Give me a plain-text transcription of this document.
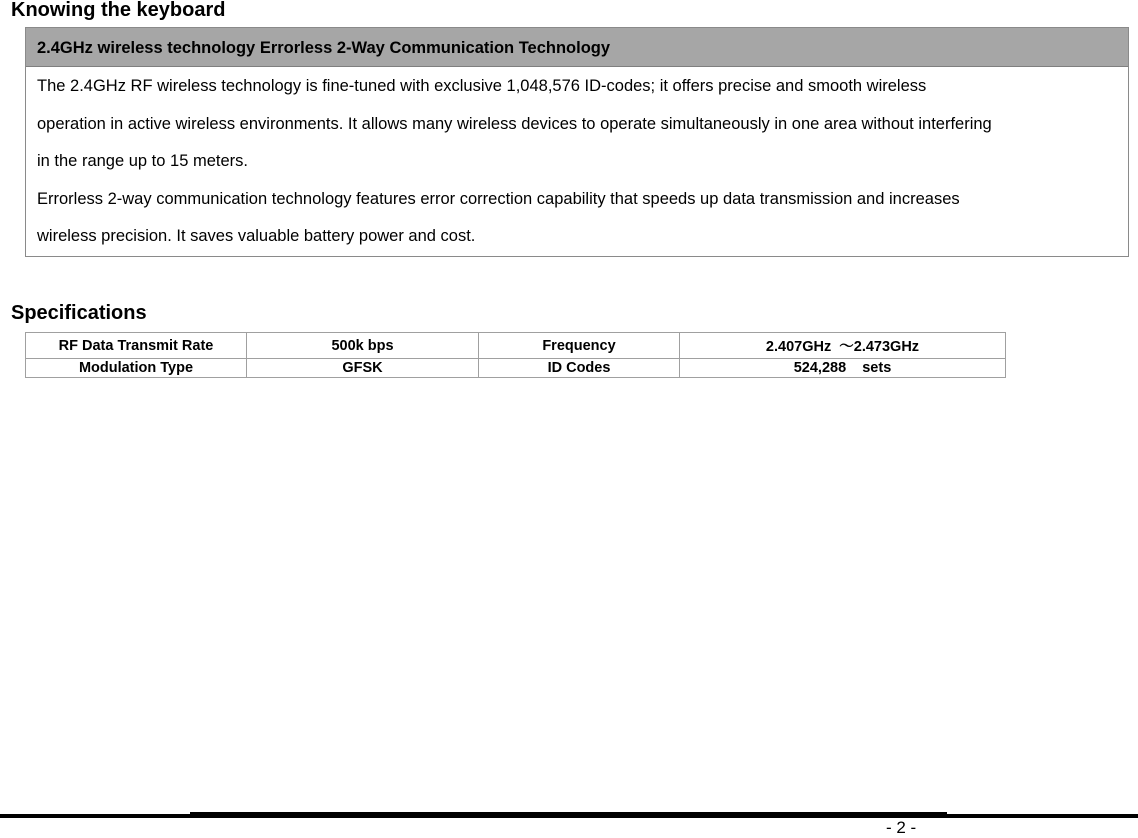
Knowing the keyboard
2.4GHz wireless technology Errorless 2-Way Communication Technology

The 2.4GHz RF wireless technology is fine-tuned with exclusive 1,048,576 ID-codes; it offers precise and smooth wireless

operation in active wireless environments. It allows many wireless devices to operate simultaneously in one area without interfering

in the range up to 15 meters.

Errorless 2-way communication technology features error correction capability that speeds up data transmission and increases

wireless precision. It saves valuable battery power and cost.

Specifications
RF Data Transmit Rate	500k bps	Frequency	2.407GHz  ～2.473GHz
Modulation Type	GFSK	ID Codes	524,288    sets
- 2 -
